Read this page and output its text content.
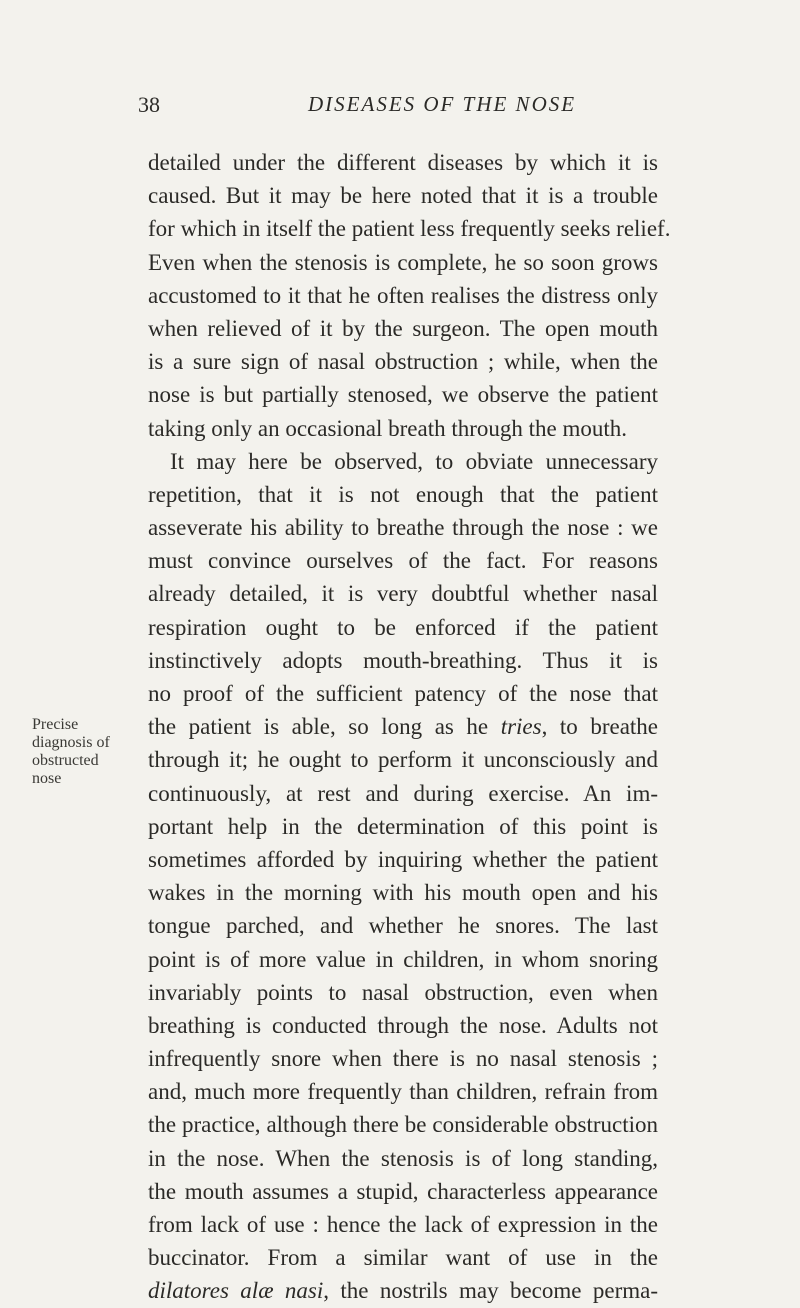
38	DISEASES OF THE NOSE
Precise
diagnosis of
obstructed
nose
detailed under the different diseases by which it is
caused. But it may be here noted that it is a trouble
for which in itself the patient less frequently seeks relief.
Even when the stenosis is complete, he so soon grows
accustomed to it that he often realises the distress only
when relieved of it by the surgeon. The open mouth
is a sure sign of nasal obstruction ; while, when the
nose is but partially stenosed, we observe the patient
taking only an occasional breath through the mouth.
It may here be observed, to obviate unnecessary
repetition, that it is not enough that the patient
asseverate his ability to breathe through the nose : we
must convince ourselves of the fact. For reasons
already detailed, it is very doubtful whether nasal
respiration ought to be enforced if the patient
instinctively adopts mouth-breathing. Thus it is
no proof of the sufficient patency of the nose that
the patient is able, so long as he tries, to breathe
through it; he ought to perform it unconsciously and
continuously, at rest and during exercise. An im-
portant help in the determination of this point is
sometimes afforded by inquiring whether the patient
wakes in the morning with his mouth open and his
tongue parched, and whether he snores. The last
point is of more value in children, in whom snoring
invariably points to nasal obstruction, even when
breathing is conducted through the nose. Adults not
infrequently snore when there is no nasal stenosis ;
and, much more frequently than children, refrain from
the practice, although there be considerable obstruction
in the nose. When the stenosis is of long standing,
the mouth assumes a stupid, characterless appearance
from lack of use : hence the lack of expression in the
buccinator. From a similar want of use in the
dilatores alæ nasi, the nostrils may become perma-
